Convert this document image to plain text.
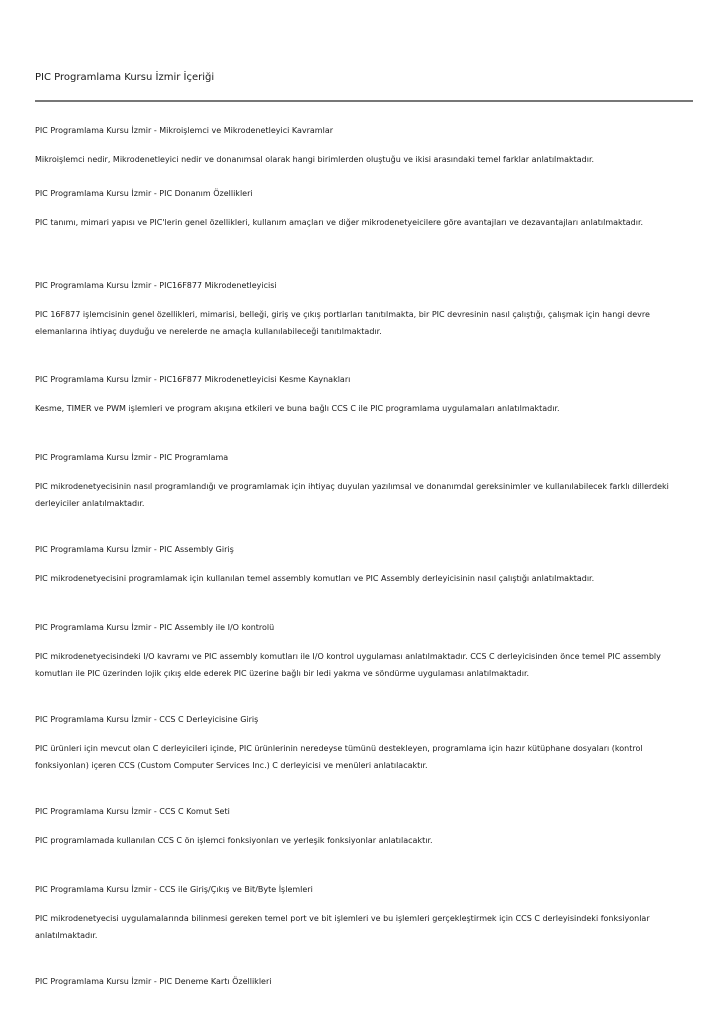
PIC Programlama Kursu İzmir İçeriği

PIC Programlama Kursu İzmir - Mikroişlemci ve Mikrodenetleyici Kavramlar

Mikroişlemci nedir, Mikrodenetleyici nedir ve donanımsal olarak hangi birimlerden oluştuğu ve ikisi arasındaki temel farklar anlatılmaktadır.

PIC Programlama Kursu İzmir - PIC Donanım Özellikleri

PIC tanımı, mimari yapısı ve PIC'lerin genel özellikleri, kullanım amaçları ve diğer mikrodenetyeicilere göre avantajları ve dezavantajları anlatılmaktadır.

PIC Programlama Kursu İzmir - PIC16F877 Mikrodenetleyicisi

PIC 16F877 işlemcisinin genel özellikleri, mimarisi, belleği, giriş ve çıkış portlarları tanıtılmakta, bir PIC devresinin nasıl çalıştığı, çalışmak için hangi devre elemanlarına ihtiyaç duyduğu ve nerelerde ne amaçla kullanılabileceği tanıtılmaktadır.

PIC Programlama Kursu İzmir - PIC16F877 Mikrodenetleyicisi Kesme Kaynakları

Kesme, TIMER ve PWM işlemleri ve program akışına etkileri ve buna bağlı CCS C ile PIC programlama uygulamaları anlatılmaktadır.

PIC Programlama Kursu İzmir - PIC Programlama

PIC mikrodenetyecisinin nasıl programlandığı ve programlamak için ihtiyaç duyulan yazılımsal ve donanımdal gereksinimler ve kullanılabilecek farklı dillerdeki derleyiciler anlatılmaktadır.

PIC Programlama Kursu İzmir - PIC Assembly Giriş

PIC mikrodenetyecisini programlamak için kullanılan temel assembly komutları ve PIC Assembly derleyicisinin nasıl çalıştığı anlatılmaktadır.

PIC Programlama Kursu İzmir - PIC Assembly ile I/O kontrolü

PIC mikrodenetyecisindeki I/O kavramı ve PIC assembly komutları ile I/O kontrol uygulaması anlatılmaktadır. CCS C derleyicisinden önce temel PIC assembly komutları ile PIC üzerinden lojik çıkış elde ederek PIC üzerine bağlı bir ledi yakma ve söndürme uygulaması anlatılmaktadır.

PIC Programlama Kursu İzmir - CCS C Derleyicisine Giriş

PIC ürünleri için mevcut olan C derleyicileri içinde, PIC ürünlerinin neredeyse tümünü destekleyen, programlama için hazır kütüphane dosyaları (kontrol fonksiyonlan) içeren CCS (Custom Computer Services Inc.) C derleyicisi ve menüleri anlatılacaktır.

PIC Programlama Kursu İzmir - CCS C Komut Seti

PIC programlamada kullanılan CCS C ön işlemci fonksiyonları ve yerleşik fonksiyonlar anlatılacaktır.

PIC Programlama Kursu İzmir - CCS ile Giriş/Çıkış ve Bit/Byte İşlemleri

PIC mikrodenetyecisi uygulamalarında bilinmesi gereken temel port ve bit işlemleri ve bu işlemleri gerçekleştirmek için CCS C derleyisindeki fonksiyonlar anlatılmaktadır.

PIC Programlama Kursu İzmir - PIC Deneme Kartı Özellikleri
